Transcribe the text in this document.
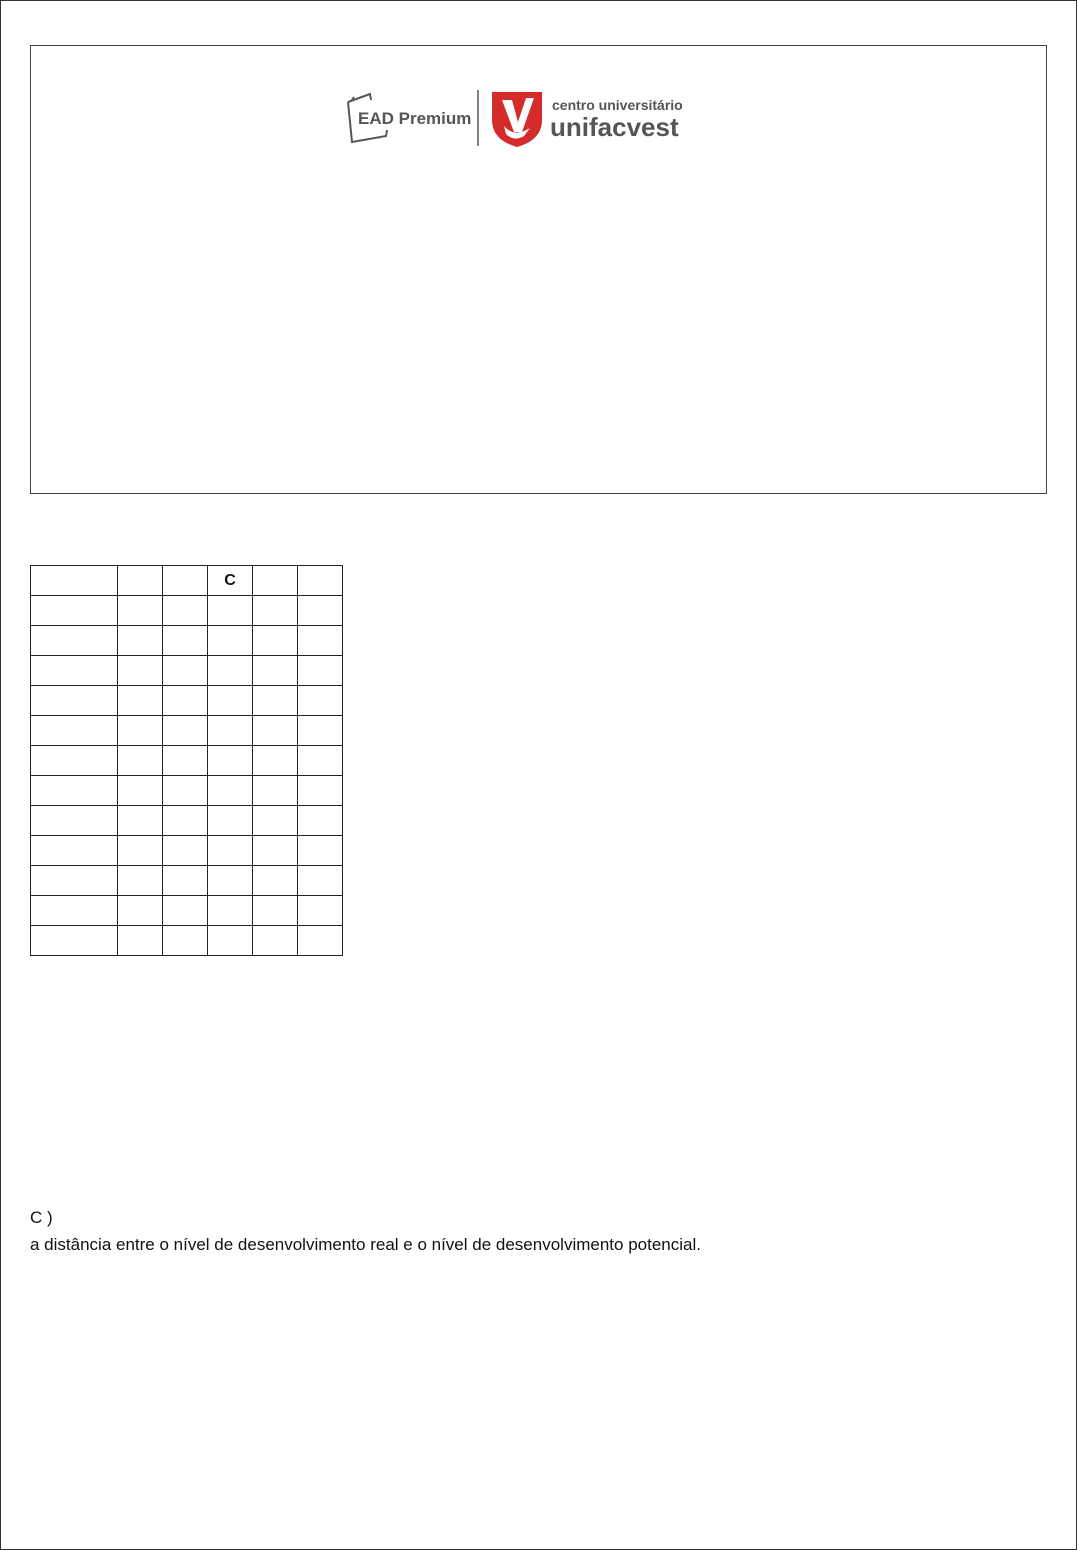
EAD Premium
centro universitário
unifacvest
			C		

C )
a distância entre o nível de desenvolvimento real e o nível de desenvolvimento potencial.
